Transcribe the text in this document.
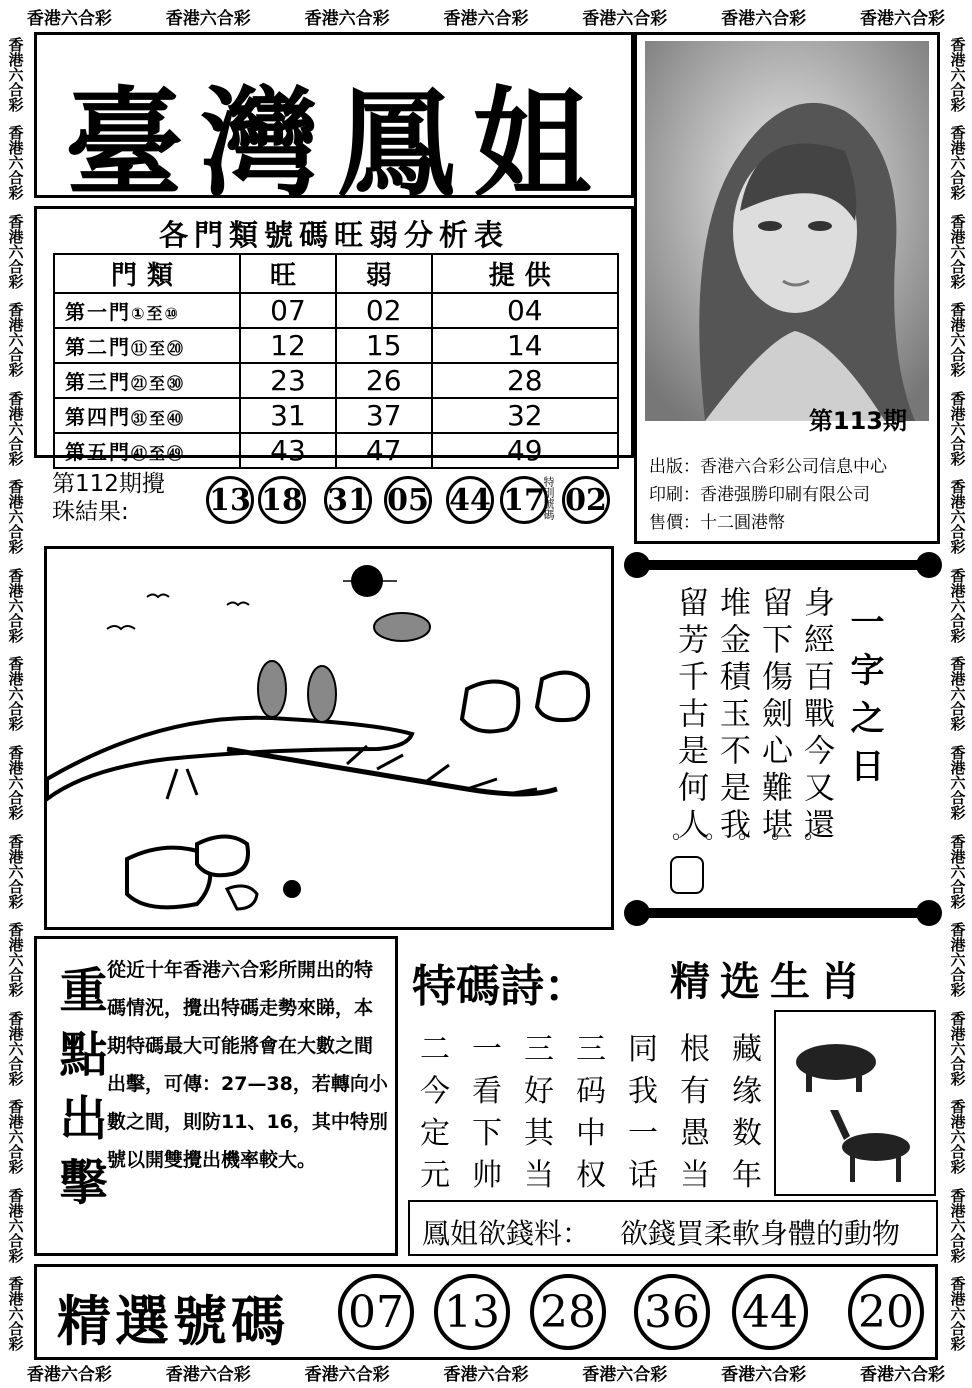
香港六合彩	香港六合彩	香港六合彩	香港六合彩	香港六合彩	香港六合彩	香港六合彩
香港六合彩	香港六合彩	香港六合彩	香港六合彩	香港六合彩	香港六合彩	香港六合彩
香港六合彩
香港六合彩
香港六合彩
香港六合彩
香港六合彩
香港六合彩
香港六合彩
香港六合彩
香港六合彩
香港六合彩
香港六合彩
香港六合彩
香港六合彩
香港六合彩
香港六合彩
香港六合彩
香港六合彩
香港六合彩
香港六合彩
香港六合彩
香港六合彩
香港六合彩
香港六合彩
香港六合彩
香港六合彩
香港六合彩
香港六合彩
香港六合彩
香港六合彩
香港六合彩
臺灣鳳姐
第113期
出版：香港六合彩公司信息中心
印刷：香港强勝印刷有限公司
售價：十二圓港幣
各門類號碼旺弱分析表
門類	旺	弱	提供
第一門①至⑩	07	02	04
第二門⑪至⑳	12	15	14
第三門㉑至㉚	23	26	28
第四門㉛至㊵	31	37	32
第五門㊶至㊾	43	47	49
第112期攪
珠結果:	13 18 31 05 44 17 02
特別號碼
一字之日
身經百戰今又還
留下傷劍心難堪
堆金積玉不是我
留芳千古是何人
。。。。。
重點出擊 從近十年香港六合彩所開出的特碼情況，攪出特碼走勢來睇，本期特碼最大可能將會在大數之間出擊，可傳：27—38，若轉向小數之間，則防11、16，其中特別號以開雙攪出機率較大。
特碼詩： 精选生肖
二 一 三 三 同 根 藏
今 看 好 码 我 有 缘
定 下 其 中 一 愚 数
元 帅 当 权 话 当 年
鳳姐欲錢料： 欲錢買柔軟身體的動物
精選號碼 07 13 28 36 44 20
